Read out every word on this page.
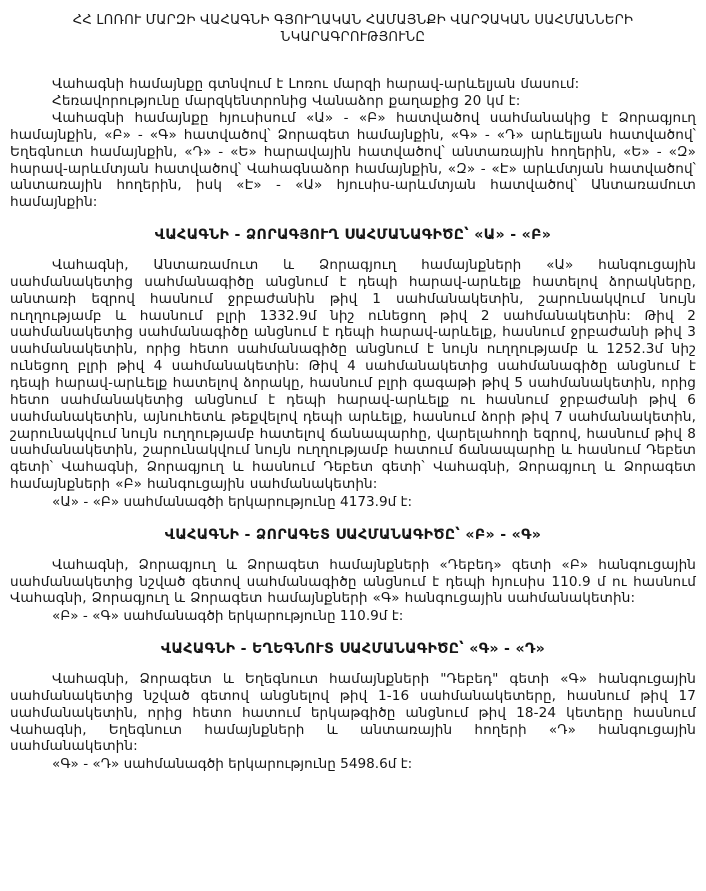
ՀՀ ԼՈՌՈՒ ՄԱՐԶԻ ՎԱՀԱԳՆԻ ԳՅՈՒՂԱԿԱՆ ՀԱՄԱՅՆՔԻ ՎԱՐՉԱԿԱՆ ՍԱՀՄԱՆՆԵՐԻ
ՆԿԱՐԱԳՐՈՒԹՅՈՒՆԸ

Վահագնի համայնքը գտնվում է Լոռու մարզի հարավ-արևելյան մասում:

Հեռավորությունը մարզկենտրոնից Վանաձոր քաղաքից 20 կմ է:

Վահագնի համայնքը հյուսիսում «Ա» - «Բ» հատվածով սահմանակից է Ձորագյուղ համայնքին, «Բ» - «Գ» հատվածով՝ Ձորագետ համայնքին, «Գ» - «Դ» արևելյան հատվածով՝ Եղեգնուտ համայնքին, «Դ» - «Ե» հարավային հատվածով՝ անտառային հողերին, «Ե» - «Զ» հարավ-արևմտյան հատվածով՝ Վահագնաձոր համայնքին, «Զ» - «Է» արևմտյան հատվածով՝ անտառային հողերին, իսկ «Է» - «Ա» հյուսիս-արևմտյան հատվածով՝ Անտառամուտ համայնքին:

ՎԱՀԱԳՆԻ - ՁՈՐԱԳՅՈՒՂ ՍԱՀՄԱՆԱԳԻԾԸ՝ «Ա» - «Բ»

Վահագնի, Անտառամուտ և Ձորագյուղ համայնքների «Ա» հանգուցային սահմանակետից սահմանագիծը անցնում է դեպի հարավ-արևելք հատելով ձորակները, անտառի եզրով հասնում ջրբաժանին թիվ 1 սահմանակետին, շարունակվում նույն ուղղությամբ և հասնում բլրի 1332.9մ նիշ ունեցող թիվ 2 սահմանակետին: Թիվ 2 սահմանակետից սահմանագիծը անցնում է դեպի հարավ-արևելք, հասնում ջրբաժանի թիվ 3 սահմանակետին, որից հետո սահմանագիծը անցնում է նույն ուղղությամբ և 1252.3մ նիշ ունեցող բլրի թիվ 4 սահմանակետին: Թիվ 4 սահմանակետից սահմանագիծը անցնում է դեպի հարավ-արևելք հատելով ձորակը, հասնում բլրի գագաթի թիվ 5 սահմանակետին, որից հետո սահմանակետից անցնում է դեպի հարավ-արևելք ու հասնում ջրբաժանի թիվ 6 սահմանակետին, այնուհետև թեքվելով դեպի արևելք, հասնում ձորի թիվ 7 սահմանակետին, շարունակվում նույն ուղղությամբ հատելով ճանապարհը, վարելահողի եզրով, հասնում թիվ 8 սահմանակետին, շարունակվում նույն ուղղությամբ հատում ճանապարհը և հասնում Դեբետ գետի՝ Վահագնի, Ձորագյուղ և հասնում Դեբետ գետի՝ Վահագնի, Ձորագյուղ և Ձորագետ համայնքների «Բ» հանգուցային սահմանակետին:

«Ա» - «Բ» սահմանագծի երկարությունը 4173.9մ է:

ՎԱՀԱԳՆԻ - ՁՈՐԱԳԵՏ ՍԱՀՄԱՆԱԳԻԾԸ՝ «Բ» - «Գ»

Վահագնի, Ձորագյուղ և Ձորագետ համայնքների «Դեբեդ» գետի «Բ» հանգուցային սահմանակետից նշված գետով սահմանագիծը անցնում է դեպի հյուսիս 110.9 մ ու հասնում Վահագնի, Ձորագյուղ և Ձորագետ համայնքների «Գ» հանգուցային սահմանակետին:

«Բ» - «Գ» սահմանագծի երկարությունը 110.9մ է:

ՎԱՀԱԳՆԻ - ԵՂԵԳՆՈՒՏ ՍԱՀՄԱՆԱԳԻԾԸ՝ «Գ» - «Դ»

Վահագնի, Ձորագետ և Եղեգնուտ համայնքների "Դեբեդ" գետի «Գ» հանգուցային սահմանակետից նշված գետով անցնելով թիվ 1-16 սահմանակետերը, հասնում թիվ 17 սահմանակետին, որից հետո հատում երկաթգիծը անցնում թիվ 18-24 կետերը հասնում Վահագնի, Եղեգնուտ համայնքների և անտառային հողերի «Դ» հանգուցային սահմանակետին:

«Գ» - «Դ» սահմանագծի երկարությունը 5498.6մ է:
